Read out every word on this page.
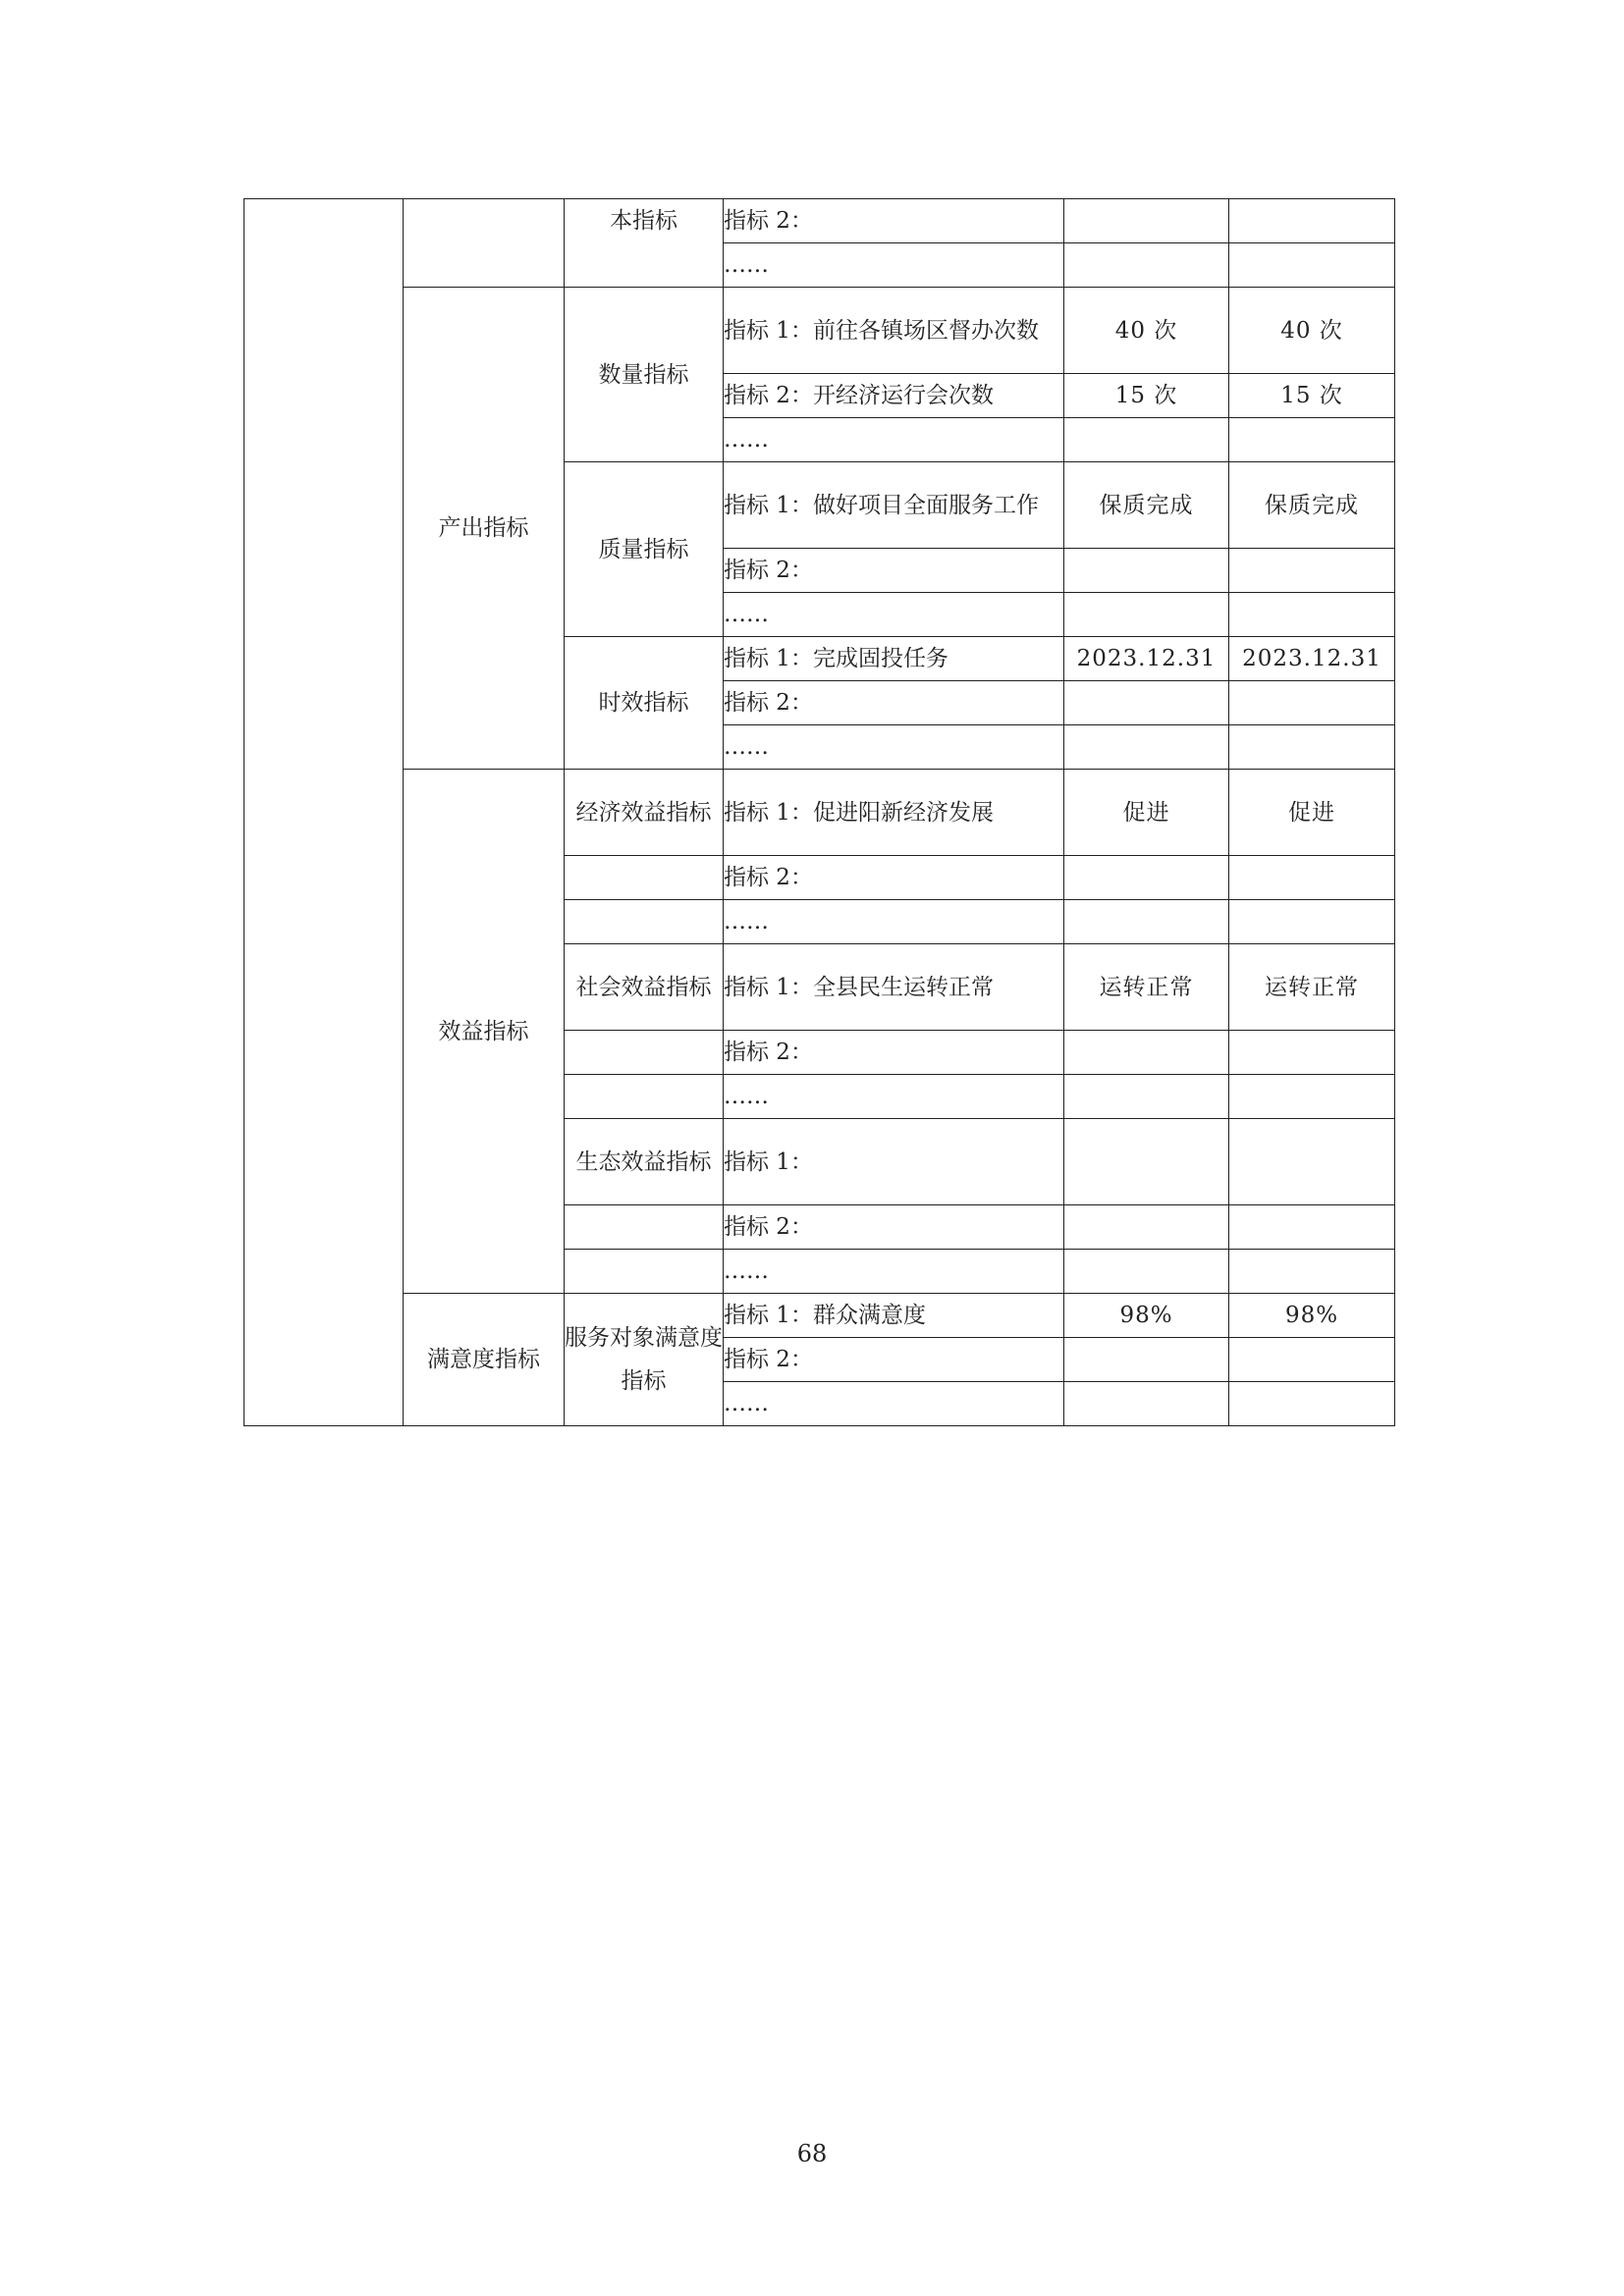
		本指标	指标 2：		
			……		
	产出指标	数量指标	指标 1：前往各镇场区督办次数	40 次	40 次
			指标 2：开经济运行会次数	15 次	15 次
			……		
		质量指标	指标 1：做好项目全面服务工作	保质完成	保质完成
			指标 2：		
			……		
		时效指标	指标 1：完成固投任务	2023.12.31	2023.12.31
			指标 2：		
			……		
	效益指标	经济效益指标	指标 1：促进阳新经济发展	促进	促进
			指标 2：		
			……		
		社会效益指标	指标 1：全县民生运转正常	运转正常	运转正常
			指标 2：		
			……		
		生态效益指标	指标 1：		
			指标 2：		
			……		
	满意度指标	服务对象满意度指标	指标 1：群众满意度	98%	98%
			指标 2：		
			……		
68
